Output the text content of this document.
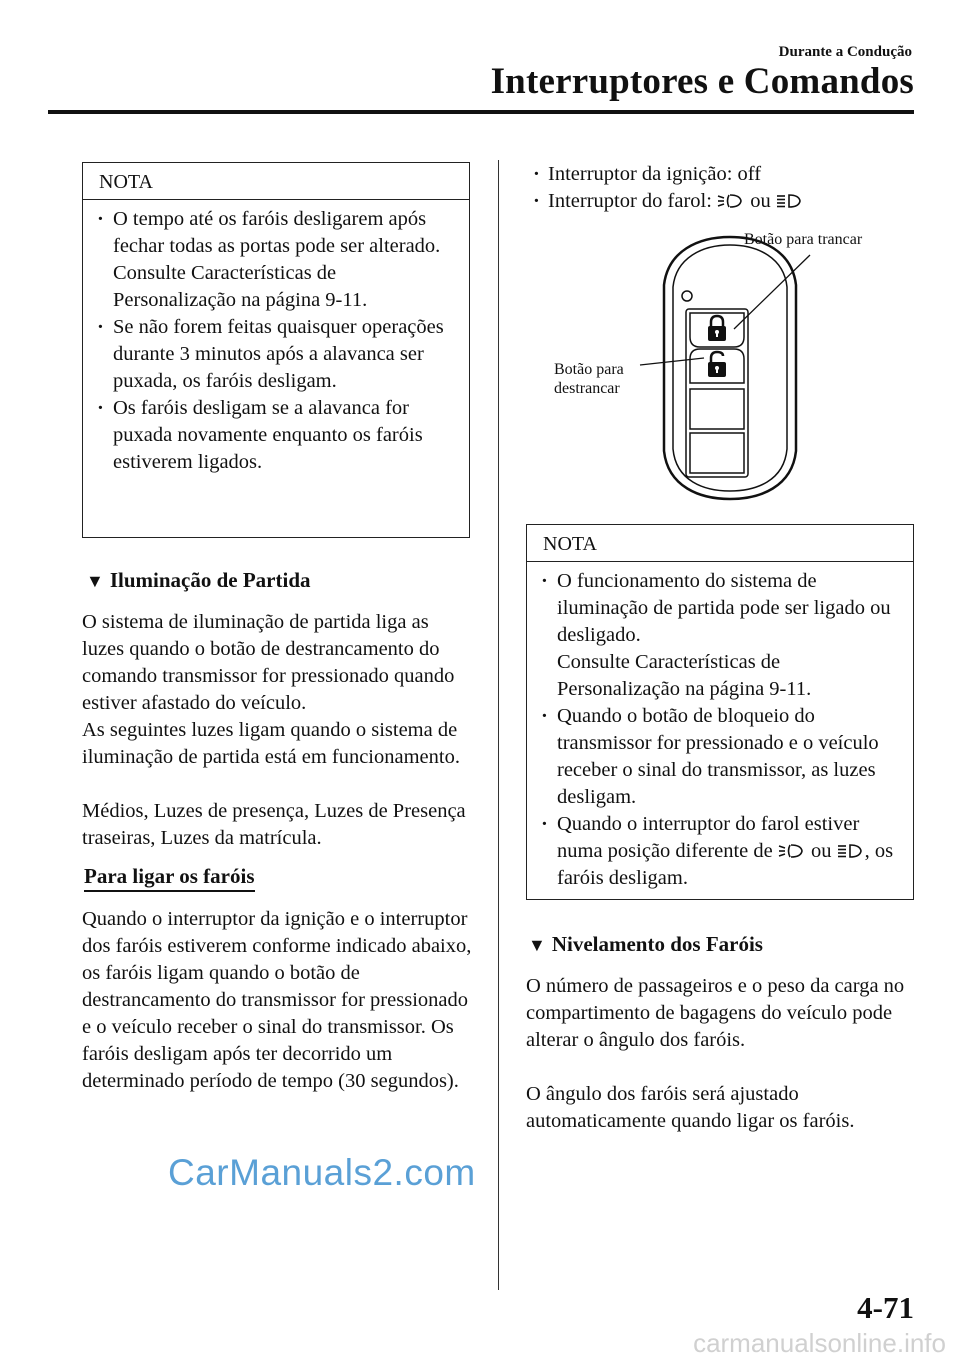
Durante a Condução
Interruptores e Comandos
NOTA
· O tempo até os faróis desligarem após fechar todas as portas pode ser alterado.
Consulte Características de Personalização na página 9-11.
· Se não forem feitas quaisquer operações durante 3 minutos após a alavanca ser puxada, os faróis desligam.
· Os faróis desligam se a alavanca for puxada novamente enquanto os faróis estiverem ligados.
▼ Iluminação de Partida
O sistema de iluminação de partida liga as luzes quando o botão de destrancamento do comando transmissor for pressionado quando estiver afastado do veículo.
As seguintes luzes ligam quando o sistema de iluminação de partida está em funcionamento.
Médios, Luzes de presença, Luzes de Presença traseiras, Luzes da matrícula.
Para ligar os faróis
Quando o interruptor da ignição e o interruptor dos faróis estiverem conforme indicado abaixo, os faróis ligam quando o botão de destrancamento do transmissor for pressionado e o veículo receber o sinal do transmissor. Os faróis desligam após ter decorrido um determinado período de tempo (30 segundos).
· Interruptor da ignição: off
· Interruptor do farol: ou
Botão para trancar
Botão para
destrancar
NOTA
· O funcionamento do sistema de iluminação de partida pode ser ligado ou desligado.
Consulte Características de Personalização na página 9-11.
· Quando o botão de bloqueio do transmissor for pressionado e o veículo receber o sinal do transmissor, as luzes desligam.
· Quando o interruptor do farol estiver numa posição diferente de ou , os faróis desligam.
▼ Nivelamento dos Faróis
O número de passageiros e o peso da carga no compartimento de bagagens do veículo pode alterar o ângulo dos faróis.
O ângulo dos faróis será ajustado automaticamente quando ligar os faróis.
CarManuals2.com
4-71
carmanualsonline.info
